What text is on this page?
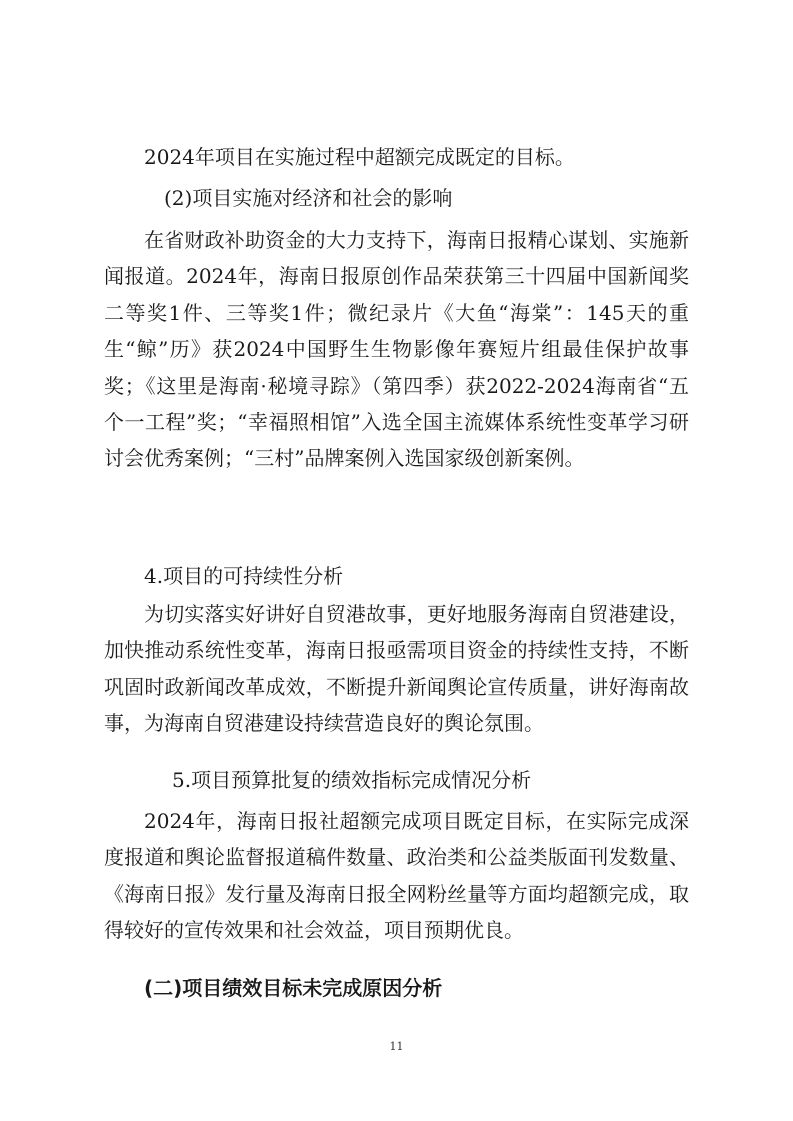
2024年项目在实施过程中超额完成既定的目标。

(2)项目实施对经济和社会的影响

在省财政补助资金的大力支持下，海南日报精心谋划、实施新闻报道。2024年，海南日报原创作品荣获第三十四届中国新闻奖二等奖1件、三等奖1件；微纪录片《大鱼“海棠”：145天的重生“鲸”历》获2024中国野生生物影像年赛短片组最佳保护故事奖；《这里是海南·秘境寻踪》（第四季）获2022-2024海南省“五个一工程”奖；“幸福照相馆”入选全国主流媒体系统性变革学习研讨会优秀案例；“三村”品牌案例入选国家级创新案例。

4.项目的可持续性分析

为切实落实好讲好自贸港故事，更好地服务海南自贸港建设，加快推动系统性变革，海南日报亟需项目资金的持续性支持，不断巩固时政新闻改革成效，不断提升新闻舆论宣传质量，讲好海南故事，为海南自贸港建设持续营造良好的舆论氛围。

5.项目预算批复的绩效指标完成情况分析

2024年，海南日报社超额完成项目既定目标，在实际完成深度报道和舆论监督报道稿件数量、政治类和公益类版面刊发数量、《海南日报》发行量及海南日报全网粉丝量等方面均超额完成，取得较好的宣传效果和社会效益，项目预期优良。

(二)项目绩效目标未完成原因分析

11
